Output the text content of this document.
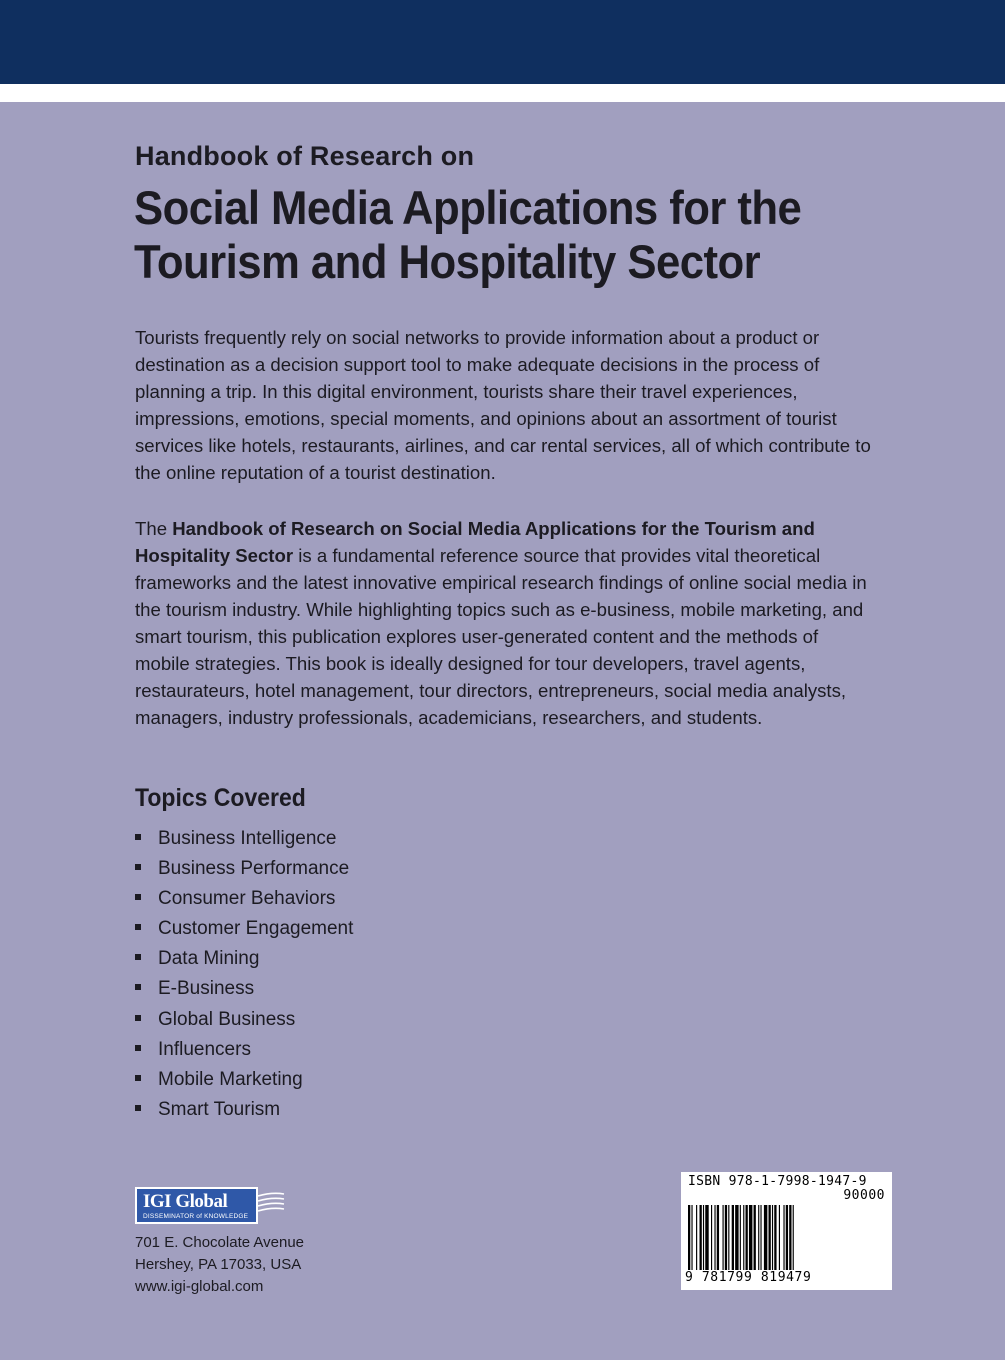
Handbook of Research on
Social Media Applications for the
Tourism and Hospitality Sector

Tourists frequently rely on social networks to provide information about a product or destination as a decision support tool to make adequate decisions in the process of planning a trip. In this digital environment, tourists share their travel experiences, impressions, emotions, special moments, and opinions about an assortment of tourist services like hotels, restaurants, airlines, and car rental services, all of which contribute to the online reputation of a tourist destination.

The Handbook of Research on Social Media Applications for the Tourism and Hospitality Sector is a fundamental reference source that provides vital theoretical frameworks and the latest innovative empirical research findings of online social media in the tourism industry. While highlighting topics such as e-business, mobile marketing, and smart tourism, this publication explores user-generated content and the methods of mobile strategies. This book is ideally designed for tour developers, travel agents, restaurateurs, hotel management, tour directors, entrepreneurs, social media analysts, managers, industry professionals, academicians, researchers, and students.

Topics Covered
Business Intelligence
Business Performance
Consumer Behaviors
Customer Engagement
Data Mining
E-Business
Global Business
Influencers
Mobile Marketing
Smart Tourism
IGI Global
DISSEMINATOR of KNOWLEDGE
701 E. Chocolate Avenue
Hershey, PA 17033, USA
www.igi-global.com
ISBN 978-1-7998-1947-9
90000
9 781799 819479
